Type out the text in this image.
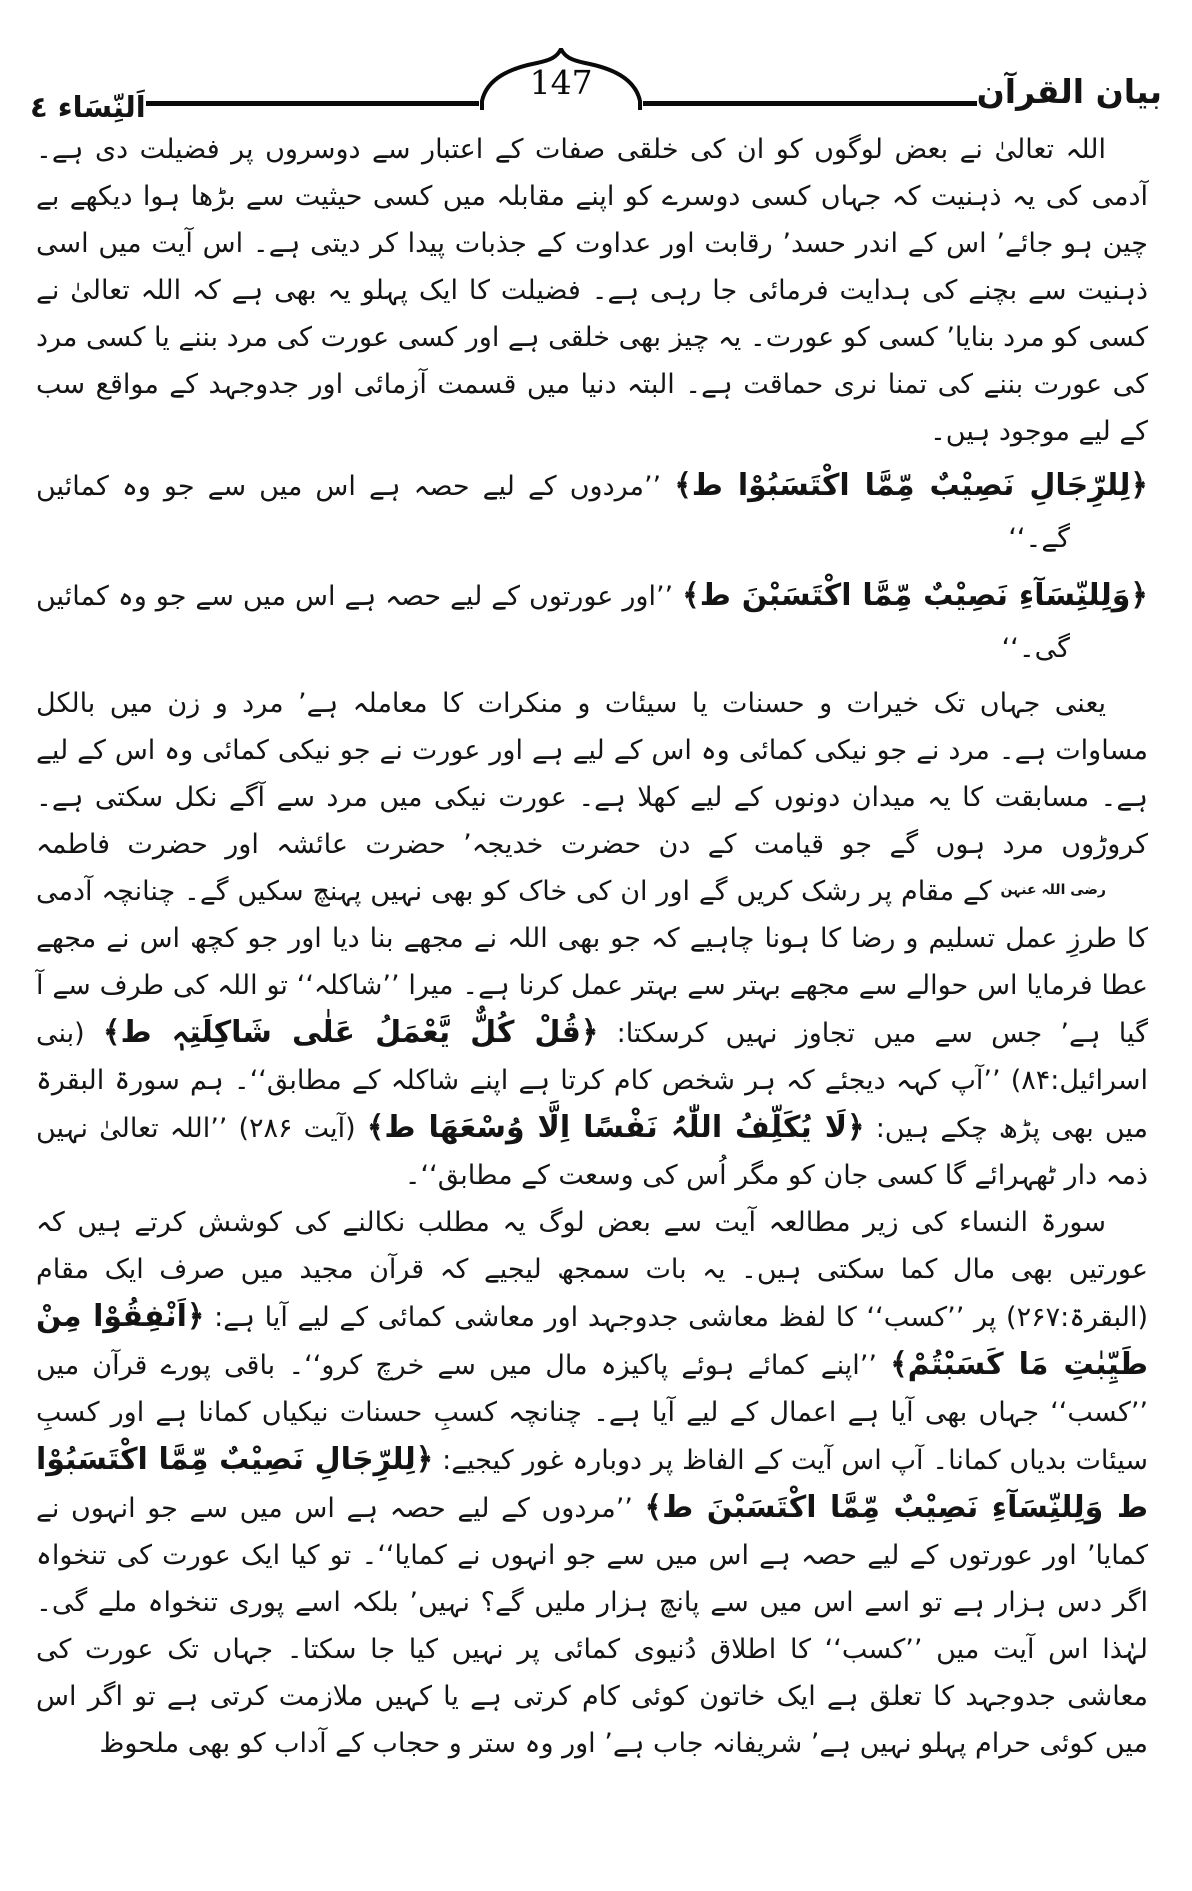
بیان القرآن
147
اَلنِّسَاء ٤

اللہ تعالیٰ نے بعض لوگوں کو ان کی خلقی صفات کے اعتبار سے دوسروں پر فضیلت دی ہے۔ آدمی کی یہ ذہنیت کہ جہاں کسی دوسرے کو اپنے مقابلہ میں کسی حیثیت سے بڑھا ہوا دیکھے بے چین ہو جائے’ اس کے اندر حسد’ رقابت اور عداوت کے جذبات پیدا کر دیتی ہے۔ اس آیت میں اسی ذہنیت سے بچنے کی ہدایت فرمائی جا رہی ہے۔ فضیلت کا ایک پہلو یہ بھی ہے کہ اللہ تعالیٰ نے کسی کو مرد بنایا’ کسی کو عورت۔ یہ چیز بھی خلقی ہے اور کسی عورت کی مرد بننے یا کسی مرد کی عورت بننے کی تمنا نری حماقت ہے۔ البتہ دنیا میں قسمت آزمائی اور جدوجہد کے مواقع سب کے لیے موجود ہیں۔

﴿لِلرِّجَالِ نَصِیْبٌ مِّمَّا اکْتَسَبُوْا ط﴾ ’’مردوں کے لیے حصہ ہے اس میں سے جو وہ کمائیں گے۔‘‘

﴿وَلِلنِّسَآءِ نَصِیْبٌ مِّمَّا اکْتَسَبْنَ ط﴾ ’’اور عورتوں کے لیے حصہ ہے اس میں سے جو وہ کمائیں گی۔‘‘

یعنی جہاں تک خیرات و حسنات یا سیئات و منکرات کا معاملہ ہے’ مرد و زن میں بالکل مساوات ہے۔ مرد نے جو نیکی کمائی وہ اس کے لیے ہے اور عورت نے جو نیکی کمائی وہ اس کے لیے ہے۔ مسابقت کا یہ میدان دونوں کے لیے کھلا ہے۔ عورت نیکی میں مرد سے آگے نکل سکتی ہے۔ کروڑوں مرد ہوں گے جو قیامت کے دن حضرت خدیجہ’ حضرت عائشہ اور حضرت فاطمہ رضی اللہ عنہن کے مقام پر رشک کریں گے اور ان کی خاک کو بھی نہیں پہنچ سکیں گے۔ چنانچہ آدمی کا طرزِ عمل تسلیم و رضا کا ہونا چاہیے کہ جو بھی اللہ نے مجھے بنا دیا اور جو کچھ اس نے مجھے عطا فرمایا اس حوالے سے مجھے بہتر سے بہتر عمل کرنا ہے۔ میرا ’’شاکلہ‘‘ تو اللہ کی طرف سے آ گیا ہے’ جس سے میں تجاوز نہیں کرسکتا: ﴿قُلْ کُلٌّ یَّعْمَلُ عَلٰی شَاکِلَتِہٖ ط﴾ (بنی اسرائیل:۸۴) ’’آپ کہہ دیجئے کہ ہر شخص کام کرتا ہے اپنے شاکلہ کے مطابق‘‘۔ ہم سورۃ البقرۃ میں بھی پڑھ چکے ہیں: ﴿لَا یُکَلِّفُ اللّٰہُ نَفْسًا اِلَّا وُسْعَھَا ط﴾ (آیت ۲۸۶) ’’اللہ تعالیٰ نہیں ذمہ دار ٹھہرائے گا کسی جان کو مگر اُس کی وسعت کے مطابق‘‘۔

سورۃ النساء کی زیر مطالعہ آیت سے بعض لوگ یہ مطلب نکالنے کی کوشش کرتے ہیں کہ عورتیں بھی مال کما سکتی ہیں۔ یہ بات سمجھ لیجیے کہ قرآن مجید میں صرف ایک مقام (البقرۃ:۲۶۷) پر ’’کسب‘‘ کا لفظ معاشی جدوجہد اور معاشی کمائی کے لیے آیا ہے: ﴿اَنْفِقُوْا مِنْ طَیِّبٰتِ مَا کَسَبْتُمْ﴾ ’’اپنے کمائے ہوئے پاکیزہ مال میں سے خرچ کرو‘‘۔ باقی پورے قرآن میں ’’کسب‘‘ جہاں بھی آیا ہے اعمال کے لیے آیا ہے۔ چنانچہ کسبِ حسنات نیکیاں کمانا ہے اور کسبِ سیئات بدیاں کمانا۔ آپ اس آیت کے الفاظ پر دوبارہ غور کیجیے: ﴿لِلرِّجَالِ نَصِیْبٌ مِّمَّا اکْتَسَبُوْا ط وَلِلنِّسَآءِ نَصِیْبٌ مِّمَّا اکْتَسَبْنَ ط﴾ ’’مردوں کے لیے حصہ ہے اس میں سے جو انہوں نے کمایا’ اور عورتوں کے لیے حصہ ہے اس میں سے جو انہوں نے کمایا‘‘۔ تو کیا ایک عورت کی تنخواہ اگر دس ہزار ہے تو اسے اس میں سے پانچ ہزار ملیں گے؟ نہیں’ بلکہ اسے پوری تنخواہ ملے گی۔ لہٰذا اس آیت میں ’’کسب‘‘ کا اطلاق دُنیوی کمائی پر نہیں کیا جا سکتا۔ جہاں تک عورت کی معاشی جدوجہد کا تعلق ہے ایک خاتون کوئی کام کرتی ہے یا کہیں ملازمت کرتی ہے تو اگر اس میں کوئی حرام پہلو نہیں ہے’ شریفانہ جاب ہے’ اور وہ ستر و حجاب کے آداب کو بھی ملحوظ
